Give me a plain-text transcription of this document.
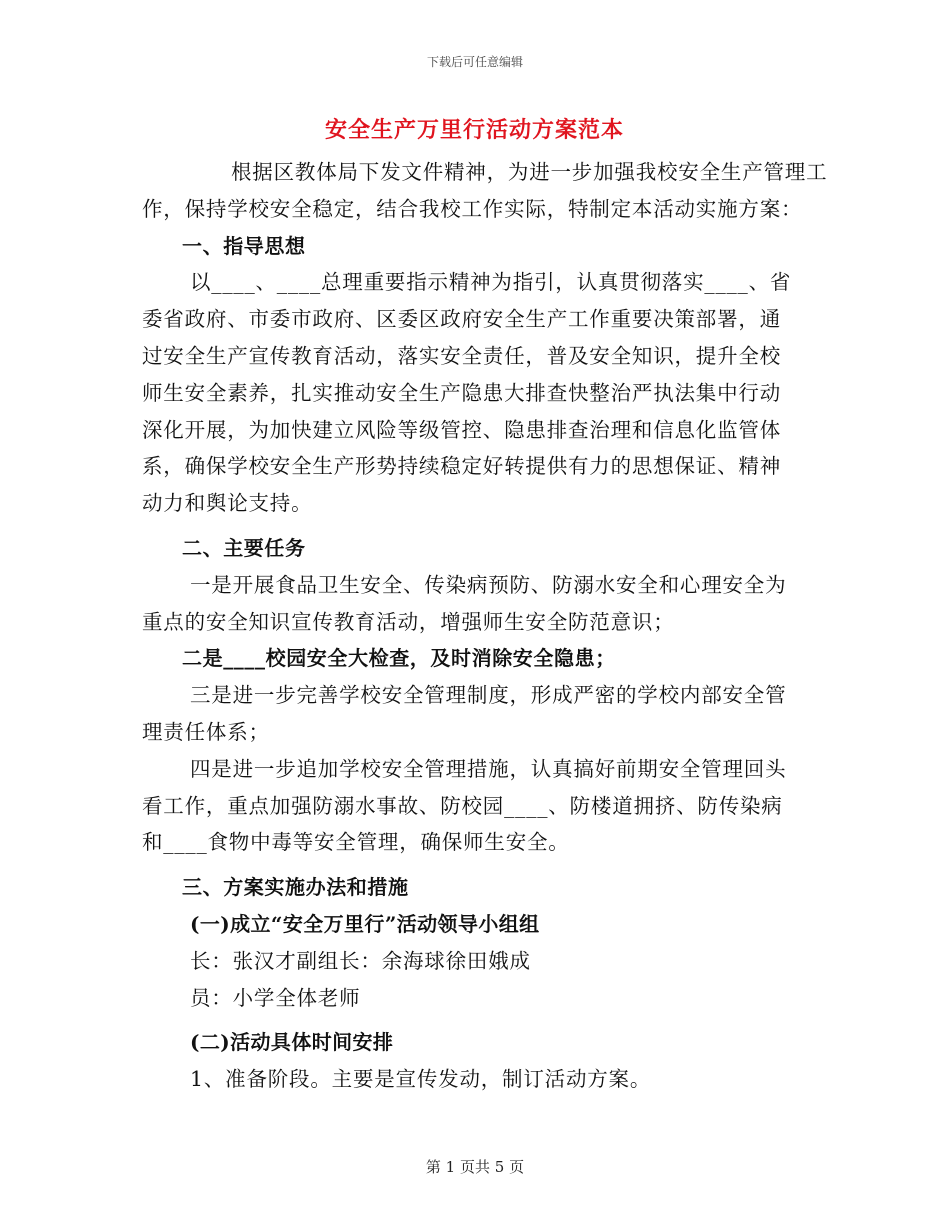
下载后可任意编辑
安全生产万里行活动方案范本
根据区教体局下发文件精神，为进一步加强我校安全生产管理工
作，保持学校安全稳定，结合我校工作实际，特制定本活动实施方案：
一、指导思想
以____、____总理重要指示精神为指引，认真贯彻落实____、省
委省政府、市委市政府、区委区政府安全生产工作重要决策部署，通
过安全生产宣传教育活动，落实安全责任，普及安全知识，提升全校
师生安全素养，扎实推动安全生产隐患大排查快整治严执法集中行动
深化开展，为加快建立风险等级管控、隐患排查治理和信息化监管体
系，确保学校安全生产形势持续稳定好转提供有力的思想保证、精神
动力和舆论支持。
二、主要任务
一是开展食品卫生安全、传染病预防、防溺水安全和心理安全为
重点的安全知识宣传教育活动，增强师生安全防范意识；
二是____校园安全大检查，及时消除安全隐患；
三是进一步完善学校安全管理制度，形成严密的学校内部安全管
理责任体系；
四是进一步追加学校安全管理措施，认真搞好前期安全管理回头
看工作，重点加强防溺水事故、防校园____、防楼道拥挤、防传染病
和____食物中毒等安全管理，确保师生安全。
三、方案实施办法和措施
(一)成立“安全万里行”活动领导小组组
长：张汉才副组长：余海球徐田娥成
员：小学全体老师
(二)活动具体时间安排
1、准备阶段。主要是宣传发动，制订活动方案。
第 1 页共 5 页
